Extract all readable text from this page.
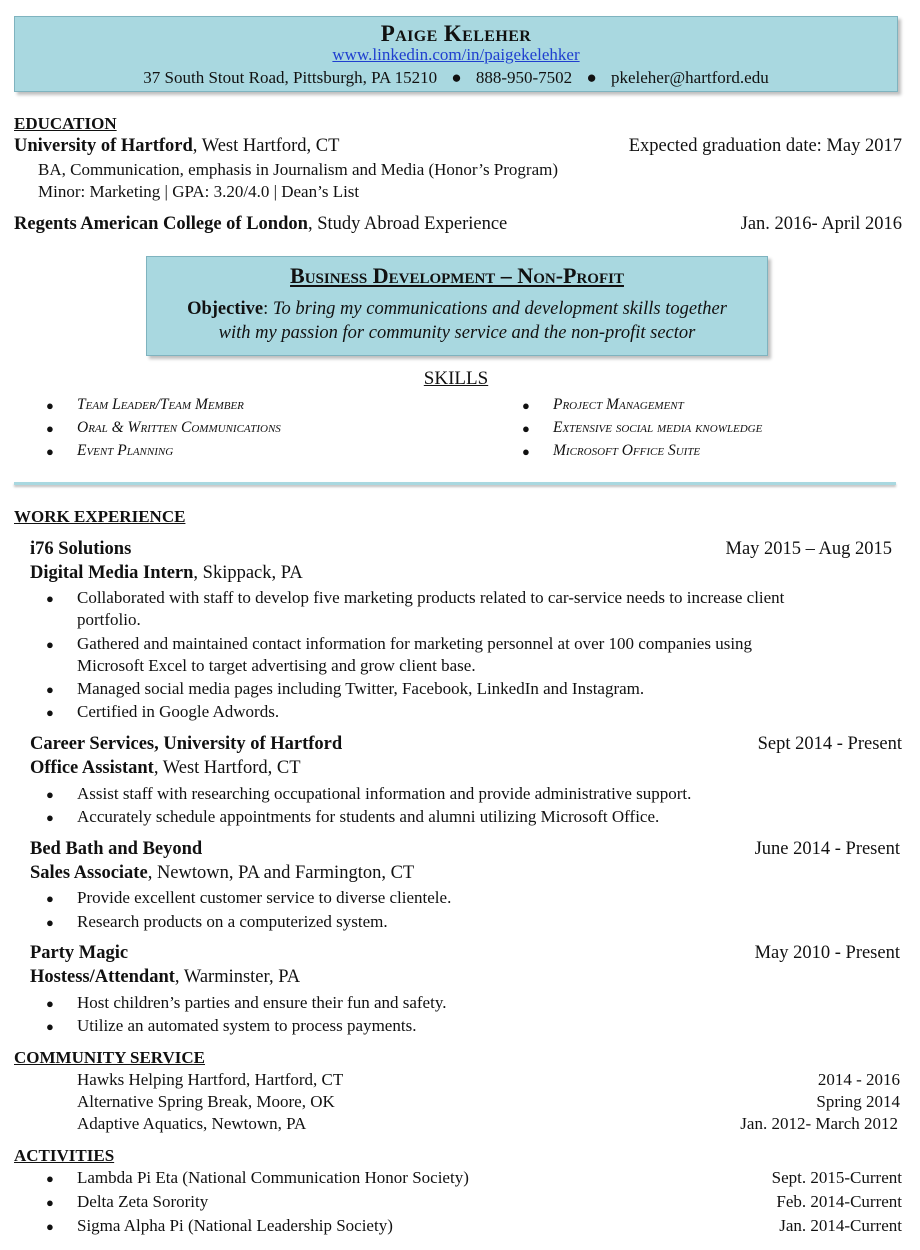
Paige Keleher
www.linkedin.com/in/paigekelehker
37 South Stout Road, Pittsburgh, PA 15210 ● 888-950-7502 ● pkeleher@hartford.edu
EDUCATION
University of Hartford, West Hartford, CT	Expected graduation date: May 2017
BA, Communication, emphasis in Journalism and Media (Honor’s Program)
Minor: Marketing | GPA: 3.20/4.0 | Dean’s List
Regents American College of London, Study Abroad Experience	Jan. 2016- April 2016
Business Development – Non-Profit
Objective: To bring my communications and development skills together
with my passion for community service and the non-profit sector
SKILLS
● Team Leader/Team Member
● Oral & Written Communications
● Event Planning
● Project Management
● Extensive social media knowledge
● Microsoft Office Suite
WORK EXPERIENCE
i76 Solutions	May 2015 – Aug 2015
Digital Media Intern, Skippack, PA
● Collaborated with staff to develop five marketing products related to car-service needs to increase client
portfolio.
● Gathered and maintained contact information for marketing personnel at over 100 companies using
Microsoft Excel to target advertising and grow client base.
● Managed social media pages including Twitter, Facebook, LinkedIn and Instagram.
● Certified in Google Adwords.
Career Services, University of Hartford	Sept 2014 - Present
Office Assistant, West Hartford, CT
● Assist staff with researching occupational information and provide administrative support.
● Accurately schedule appointments for students and alumni utilizing Microsoft Office.
Bed Bath and Beyond	June 2014 - Present
Sales Associate, Newtown, PA and Farmington, CT
● Provide excellent customer service to diverse clientele.
● Research products on a computerized system.
Party Magic	May 2010 - Present
Hostess/Attendant, Warminster, PA
● Host children’s parties and ensure their fun and safety.
● Utilize an automated system to process payments.
COMMUNITY SERVICE
Hawks Helping Hartford, Hartford, CT	2014 - 2016
Alternative Spring Break, Moore, OK	Spring 2014
Adaptive Aquatics, Newtown, PA	Jan. 2012- March 2012
ACTIVITIES
● Lambda Pi Eta (National Communication Honor Society)	Sept. 2015-Current
● Delta Zeta Sorority	Feb. 2014-Current
● Sigma Alpha Pi (National Leadership Society)	Jan. 2014-Current
